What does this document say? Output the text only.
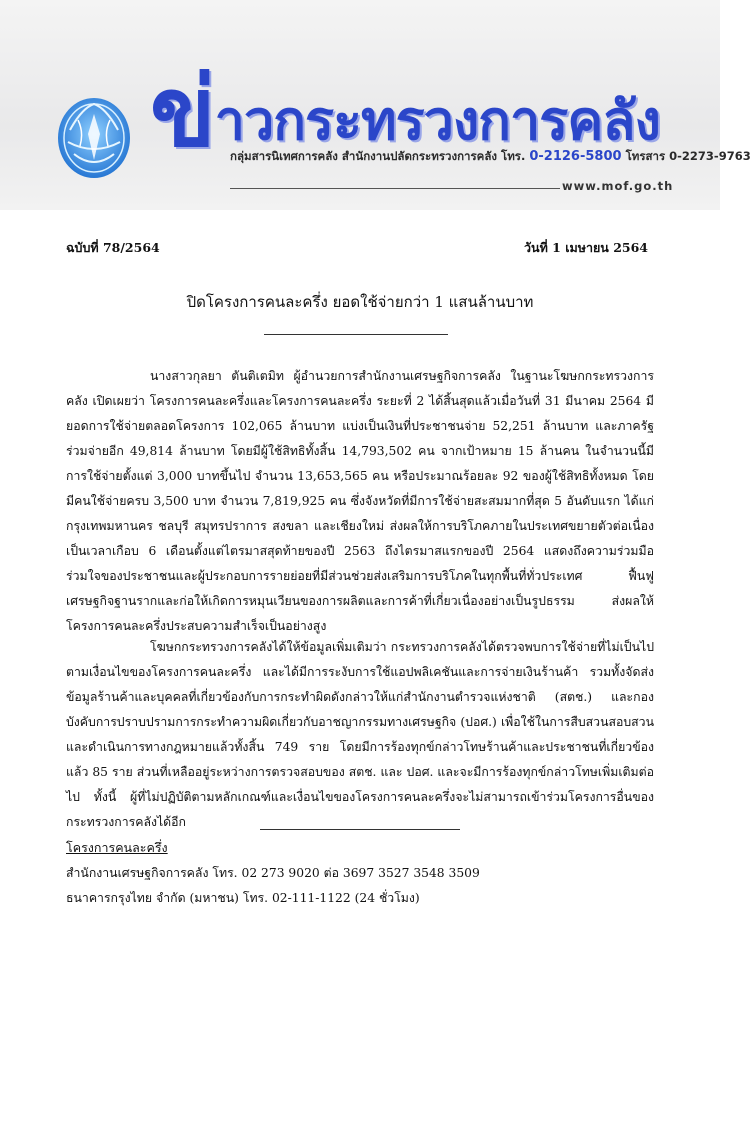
ข่าวกระทรวงการคลัง
กลุ่มสารนิเทศการคลัง สำนักงานปลัดกระทรวงการคลัง โทร. 0-2126-5800 โทรสาร 0-2273-9763
www.mof.go.th
ฉบับที่ 78/2564	วันที่ 1 เมษายน 2564
ปิดโครงการคนละครึ่ง ยอดใช้จ่ายกว่า 1 แสนล้านบาท
นางสาวกุลยา ตันติเตมิท ผู้อำนวยการสำนักงานเศรษฐกิจการคลัง ในฐานะโฆษกกระทรวงการคลัง เปิดเผยว่า โครงการคนละครึ่งและโครงการคนละครึ่ง ระยะที่ 2 ได้สิ้นสุดแล้วเมื่อวันที่ 31 มีนาคม 2564 มียอดการใช้จ่ายตลอดโครงการ 102,065 ล้านบาท แบ่งเป็นเงินที่ประชาชนจ่าย 52,251 ล้านบาท และภาครัฐร่วมจ่ายอีก 49,814 ล้านบาท โดยมีผู้ใช้สิทธิทั้งสิ้น 14,793,502 คน จากเป้าหมาย 15 ล้านคน ในจำนวนนี้มีการใช้จ่ายตั้งแต่ 3,000 บาทขึ้นไป จำนวน 13,653,565 คน หรือประมาณร้อยละ 92 ของผู้ใช้สิทธิทั้งหมด โดยมีคนใช้จ่ายครบ 3,500 บาท จำนวน 7,819,925 คน ซึ่งจังหวัดที่มีการใช้จ่ายสะสมมากที่สุด 5 อันดับแรก ได้แก่ กรุงเทพมหานคร ชลบุรี สมุทรปราการ สงขลา และเชียงใหม่ ส่งผลให้การบริโภคภายในประเทศขยายตัวต่อเนื่องเป็นเวลาเกือบ 6 เดือนตั้งแต่ไตรมาสสุดท้ายของปี 2563 ถึงไตรมาสแรกของปี 2564 แสดงถึงความร่วมมือร่วมใจของประชาชนและผู้ประกอบการรายย่อยที่มีส่วนช่วยส่งเสริมการบริโภคในทุกพื้นที่ทั่วประเทศ ฟื้นฟูเศรษฐกิจฐานรากและก่อให้เกิดการหมุนเวียนของการผลิตและการค้าที่เกี่ยวเนื่องอย่างเป็นรูปธรรม ส่งผลให้โครงการคนละครึ่งประสบความสำเร็จเป็นอย่างสูง
โฆษกกระทรวงการคลังได้ให้ข้อมูลเพิ่มเติมว่า กระทรวงการคลังได้ตรวจพบการใช้จ่ายที่ไม่เป็นไปตามเงื่อนไขของโครงการคนละครึ่ง และได้มีการระงับการใช้แอปพลิเคชันและการจ่ายเงินร้านค้า รวมทั้งจัดส่งข้อมูลร้านค้าและบุคคลที่เกี่ยวข้องกับการกระทำผิดดังกล่าวให้แก่สำนักงานตำรวจแห่งชาติ (สตช.) และกองบังคับการปราบปรามการกระทำความผิดเกี่ยวกับอาชญากรรมทางเศรษฐกิจ (ปอศ.) เพื่อใช้ในการสืบสวนสอบสวนและดำเนินการทางกฎหมายแล้วทั้งสิ้น 749 ราย โดยมีการร้องทุกข์กล่าวโทษร้านค้าและประชาชนที่เกี่ยวข้องแล้ว 85 ราย ส่วนที่เหลืออยู่ระหว่างการตรวจสอบของ สตช. และ ปอศ. และจะมีการร้องทุกข์กล่าวโทษเพิ่มเติมต่อไป ทั้งนี้ ผู้ที่ไม่ปฏิบัติตามหลักเกณฑ์และเงื่อนไขของโครงการคนละครึ่งจะไม่สามารถเข้าร่วมโครงการอื่นของกระทรวงการคลังได้อีก
โครงการคนละครึ่ง
สำนักงานเศรษฐกิจการคลัง โทร. 02 273 9020 ต่อ 3697 3527 3548 3509
ธนาคารกรุงไทย จำกัด (มหาชน) โทร. 02-111-1122 (24 ชั่วโมง)
